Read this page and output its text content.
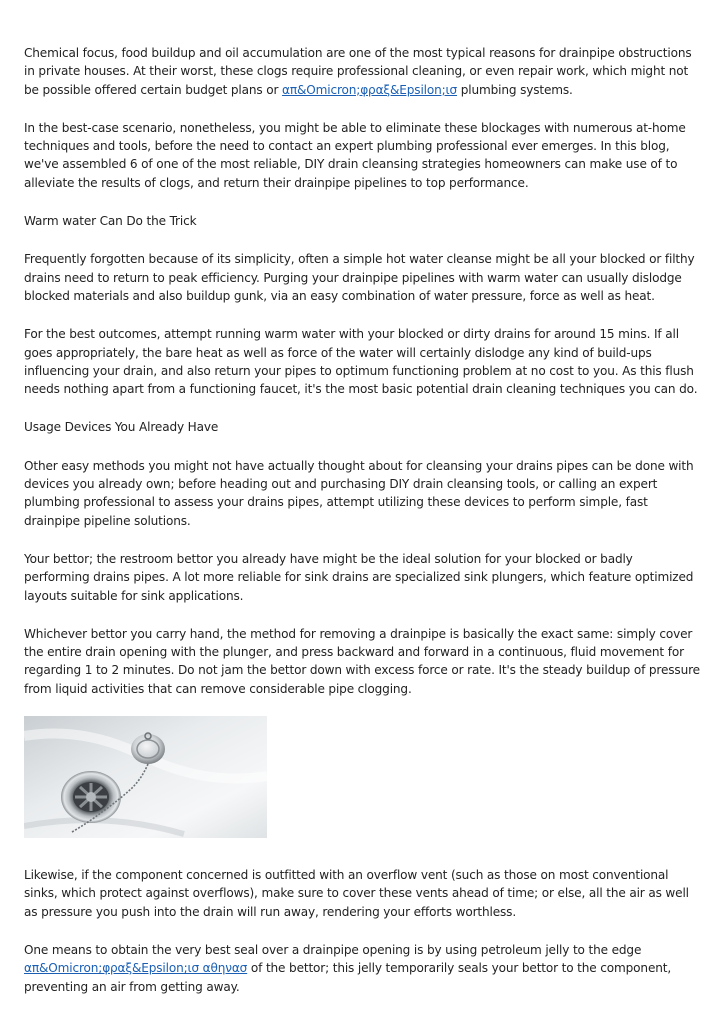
Chemical focus, food buildup and oil accumulation are one of the most typical reasons for drainpipe obstructions in private houses. At their worst, these clogs require professional cleaning, or even repair work, which might not be possible offered certain budget plans or απ&Omicron;φραξ&Epsilon;ισ plumbing systems.

In the best-case scenario, nonetheless, you might be able to eliminate these blockages with numerous at-home techniques and tools, before the need to contact an expert plumbing professional ever emerges. In this blog, we've assembled 6 of one of the most reliable, DIY drain cleansing strategies homeowners can make use of to alleviate the results of clogs, and return their drainpipe pipelines to top performance.

Warm water Can Do the Trick

Frequently forgotten because of its simplicity, often a simple hot water cleanse might be all your blocked or filthy drains need to return to peak efficiency. Purging your drainpipe pipelines with warm water can usually dislodge blocked materials and also buildup gunk, via an easy combination of water pressure, force as well as heat.

For the best outcomes, attempt running warm water with your blocked or dirty drains for around 15 mins. If all goes appropriately, the bare heat as well as force of the water will certainly dislodge any kind of build-ups influencing your drain, and also return your pipes to optimum functioning problem at no cost to you. As this flush needs nothing apart from a functioning faucet, it's the most basic potential drain cleaning techniques you can do.

Usage Devices You Already Have

Other easy methods you might not have actually thought about for cleansing your drains pipes can be done with devices you already own; before heading out and purchasing DIY drain cleansing tools, or calling an expert plumbing professional to assess your drains pipes, attempt utilizing these devices to perform simple, fast drainpipe pipeline solutions.

Your bettor; the restroom bettor you already have might be the ideal solution for your blocked or badly performing drains pipes. A lot more reliable for sink drains are specialized sink plungers, which feature optimized layouts suitable for sink applications.

Whichever bettor you carry hand, the method for removing a drainpipe is basically the exact same: simply cover the entire drain opening with the plunger, and press backward and forward in a continuous, fluid movement for regarding 1 to 2 minutes. Do not jam the bettor down with excess force or rate. It's the steady buildup of pressure from liquid activities that can remove considerable pipe clogging.

Likewise, if the component concerned is outfitted with an overflow vent (such as those on most conventional sinks, which protect against overflows), make sure to cover these vents ahead of time; or else, all the air as well as pressure you push into the drain will run away, rendering your efforts worthless.

One means to obtain the very best seal over a drainpipe opening is by using petroleum jelly to the edge απ&Omicron;φραξ&Epsilon;ισ αθηνασ of the bettor; this jelly temporarily seals your bettor to the component, preventing an air from getting away.
